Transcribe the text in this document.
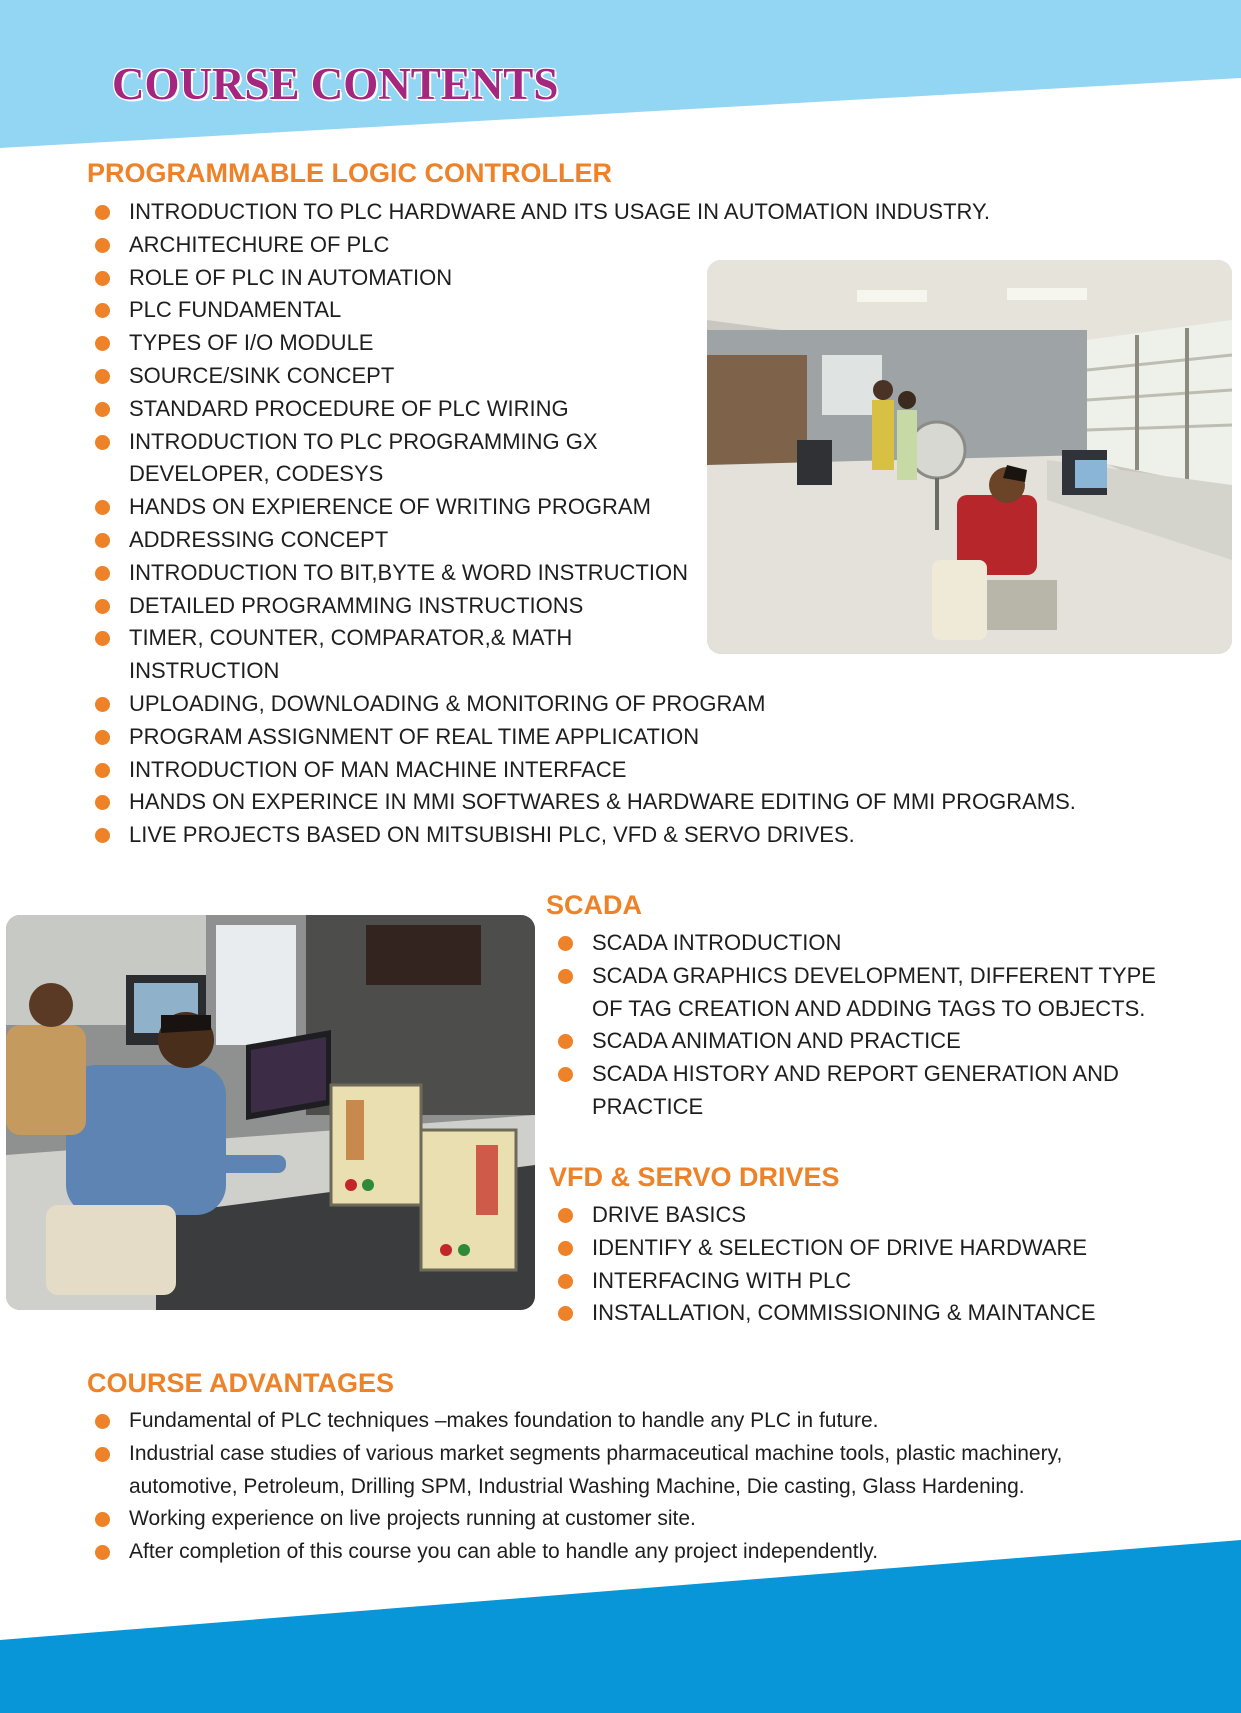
COURSE CONTENTS
PROGRAMMABLE LOGIC CONTROLLER
INTRODUCTION TO PLC HARDWARE AND ITS USAGE IN AUTOMATION INDUSTRY.
ARCHITECHURE OF PLC
ROLE OF PLC IN AUTOMATION
PLC FUNDAMENTAL
TYPES OF I/O MODULE
SOURCE/SINK CONCEPT
STANDARD PROCEDURE OF PLC WIRING
INTRODUCTION TO PLC PROGRAMMING GX
DEVELOPER, CODESYS
HANDS ON EXPIERENCE OF WRITING PROGRAM
ADDRESSING CONCEPT
INTRODUCTION TO BIT,BYTE & WORD INSTRUCTION
DETAILED PROGRAMMING INSTRUCTIONS
TIMER, COUNTER, COMPARATOR,& MATH
INSTRUCTION
UPLOADING, DOWNLOADING & MONITORING OF PROGRAM
PROGRAM ASSIGNMENT OF REAL TIME APPLICATION
INTRODUCTION OF MAN MACHINE INTERFACE
HANDS ON EXPERINCE IN MMI SOFTWARES & HARDWARE EDITING OF MMI PROGRAMS.
LIVE PROJECTS BASED ON MITSUBISHI PLC, VFD & SERVO DRIVES.
SCADA
SCADA INTRODUCTION
SCADA GRAPHICS DEVELOPMENT, DIFFERENT TYPE
OF TAG CREATION AND ADDING TAGS TO OBJECTS.
SCADA ANIMATION AND PRACTICE
SCADA HISTORY AND REPORT GENERATION AND
PRACTICE
VFD & SERVO DRIVES
DRIVE BASICS
IDENTIFY & SELECTION OF DRIVE HARDWARE
INTERFACING WITH PLC
INSTALLATION, COMMISSIONING & MAINTANCE
COURSE ADVANTAGES
Fundamental of PLC techniques –makes foundation to handle any PLC in future.
Industrial case studies of various market segments pharmaceutical machine tools, plastic machinery,
automotive, Petroleum, Drilling SPM, Industrial Washing Machine, Die casting, Glass Hardening.
Working experience on live projects running at customer site.
After completion of this course you can able to handle any project independently.
